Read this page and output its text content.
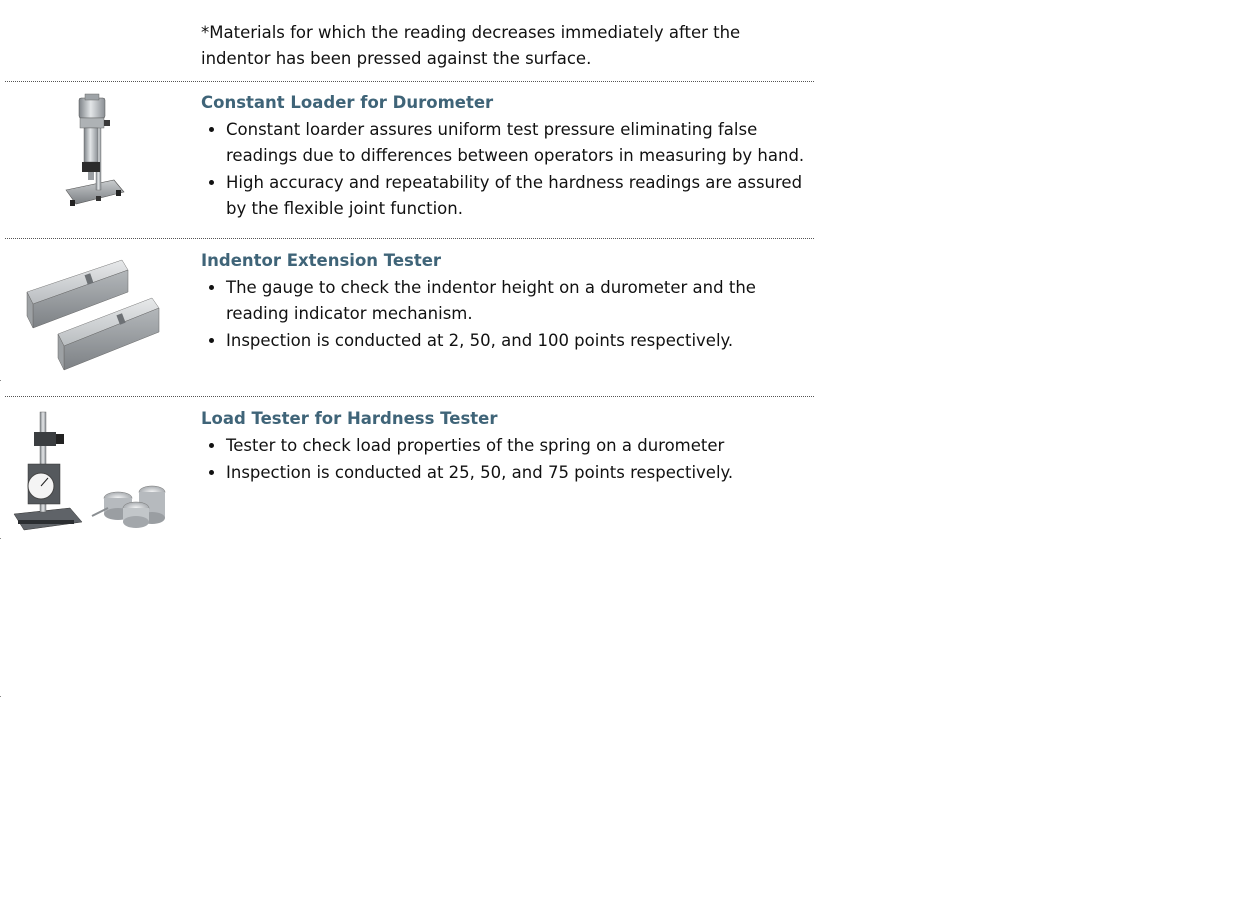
*Materials for which the reading decreases immediately after the indentor has been pressed against the surface.

Constant Loader for Durometer
• Constant loarder assures uniform test pressure eliminating false readings due to differences between operators in measuring by hand.
• High accuracy and repeatability of the hardness readings are assured by the flexible joint function.
Indentor Extension Tester
• The gauge to check the indentor height on a durometer and the reading indicator mechanism.
• Inspection is conducted at 2, 50, and 100 points respectively.
Load Tester for Hardness Tester
• Tester to check load properties of the spring on a durometer
• Inspection is conducted at 25, 50, and 75 points respectively.
